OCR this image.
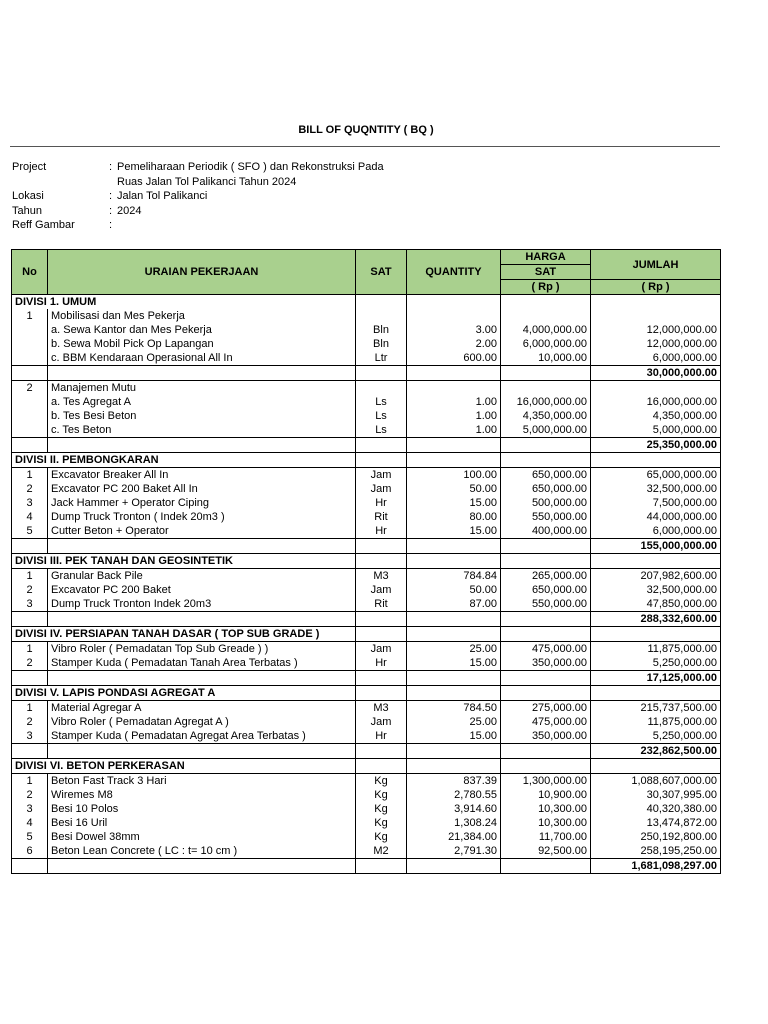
BILL OF QUQNTITY ( BQ )
Project	: Pemeliharaan Periodik ( SFO ) dan Rekonstruksi Pada
Ruas Jalan Tol Palikanci Tahun 2024
Lokasi	: Jalan Tol Palikanci
Tahun	: 2024
Reff Gambar	:
No	URAIAN PEKERJAAN	SAT	QUANTITY	HARGA	JUMLAH
				SAT	
				( Rp )	( Rp )
DIVISI 1. UMUM					
1	Mobilisasi dan Mes Pekerja				
	a. Sewa Kantor dan Mes Pekerja	Bln	3.00	4,000,000.00	12,000,000.00
	b. Sewa Mobil Pick Op Lapangan	Bln	2.00	6,000,000.00	12,000,000.00
	c. BBM Kendaraan Operasional All In	Ltr	600.00	10,000.00	6,000,000.00
					30,000,000.00
2	Manajemen Mutu				
	a. Tes Agregat A	Ls	1.00	16,000,000.00	16,000,000.00
	b. Tes Besi Beton	Ls	1.00	4,350,000.00	4,350,000.00
	c. Tes Beton	Ls	1.00	5,000,000.00	5,000,000.00
					25,350,000.00
DIVISI II. PEMBONGKARAN					
1	Excavator Breaker All In	Jam	100.00	650,000.00	65,000,000.00
2	Excavator PC 200 Baket All In	Jam	50.00	650,000.00	32,500,000.00
3	Jack Hammer + Operator Ciping	Hr	15.00	500,000.00	7,500,000.00
4	Dump Truck Tronton ( Indek 20m3 )	Rit	80.00	550,000.00	44,000,000.00
5	Cutter Beton + Operator	Hr	15.00	400,000.00	6,000,000.00
					155,000,000.00
DIVISI III. PEK TANAH DAN GEOSINTETIK					
1	Granular Back Pile	M3	784.84	265,000.00	207,982,600.00
2	Excavator PC 200 Baket	Jam	50.00	650,000.00	32,500,000.00
3	Dump Truck Tronton Indek 20m3	Rit	87.00	550,000.00	47,850,000.00
					288,332,600.00
DIVISI IV. PERSIAPAN TANAH DASAR ( TOP SUB GRADE )					
1	Vibro Roler ( Pemadatan Top Sub Greade ) )	Jam	25.00	475,000.00	11,875,000.00
2	Stamper Kuda ( Pemadatan Tanah Area Terbatas )	Hr	15.00	350,000.00	5,250,000.00
					17,125,000.00
DIVISI V. LAPIS PONDASI AGREGAT A					
1	Material Agregar A	M3	784.50	275,000.00	215,737,500.00
2	Vibro Roler ( Pemadatan Agregat A )	Jam	25.00	475,000.00	11,875,000.00
3	Stamper Kuda ( Pemadatan Agregat Area Terbatas )	Hr	15.00	350,000.00	5,250,000.00
					232,862,500.00
DIVISI VI. BETON PERKERASAN					
1	Beton Fast Track 3 Hari	Kg	837.39	1,300,000.00	1,088,607,000.00
2	Wiremes M8	Kg	2,780.55	10,900.00	30,307,995.00
3	Besi 10 Polos	Kg	3,914.60	10,300.00	40,320,380.00
4	Besi 16 Uril	Kg	1,308.24	10,300.00	13,474,872.00
5	Besi Dowel 38mm	Kg	21,384.00	11,700.00	250,192,800.00
6	Beton Lean Concrete ( LC : t= 10 cm )	M2	2,791.30	92,500.00	258,195,250.00
					1,681,098,297.00
